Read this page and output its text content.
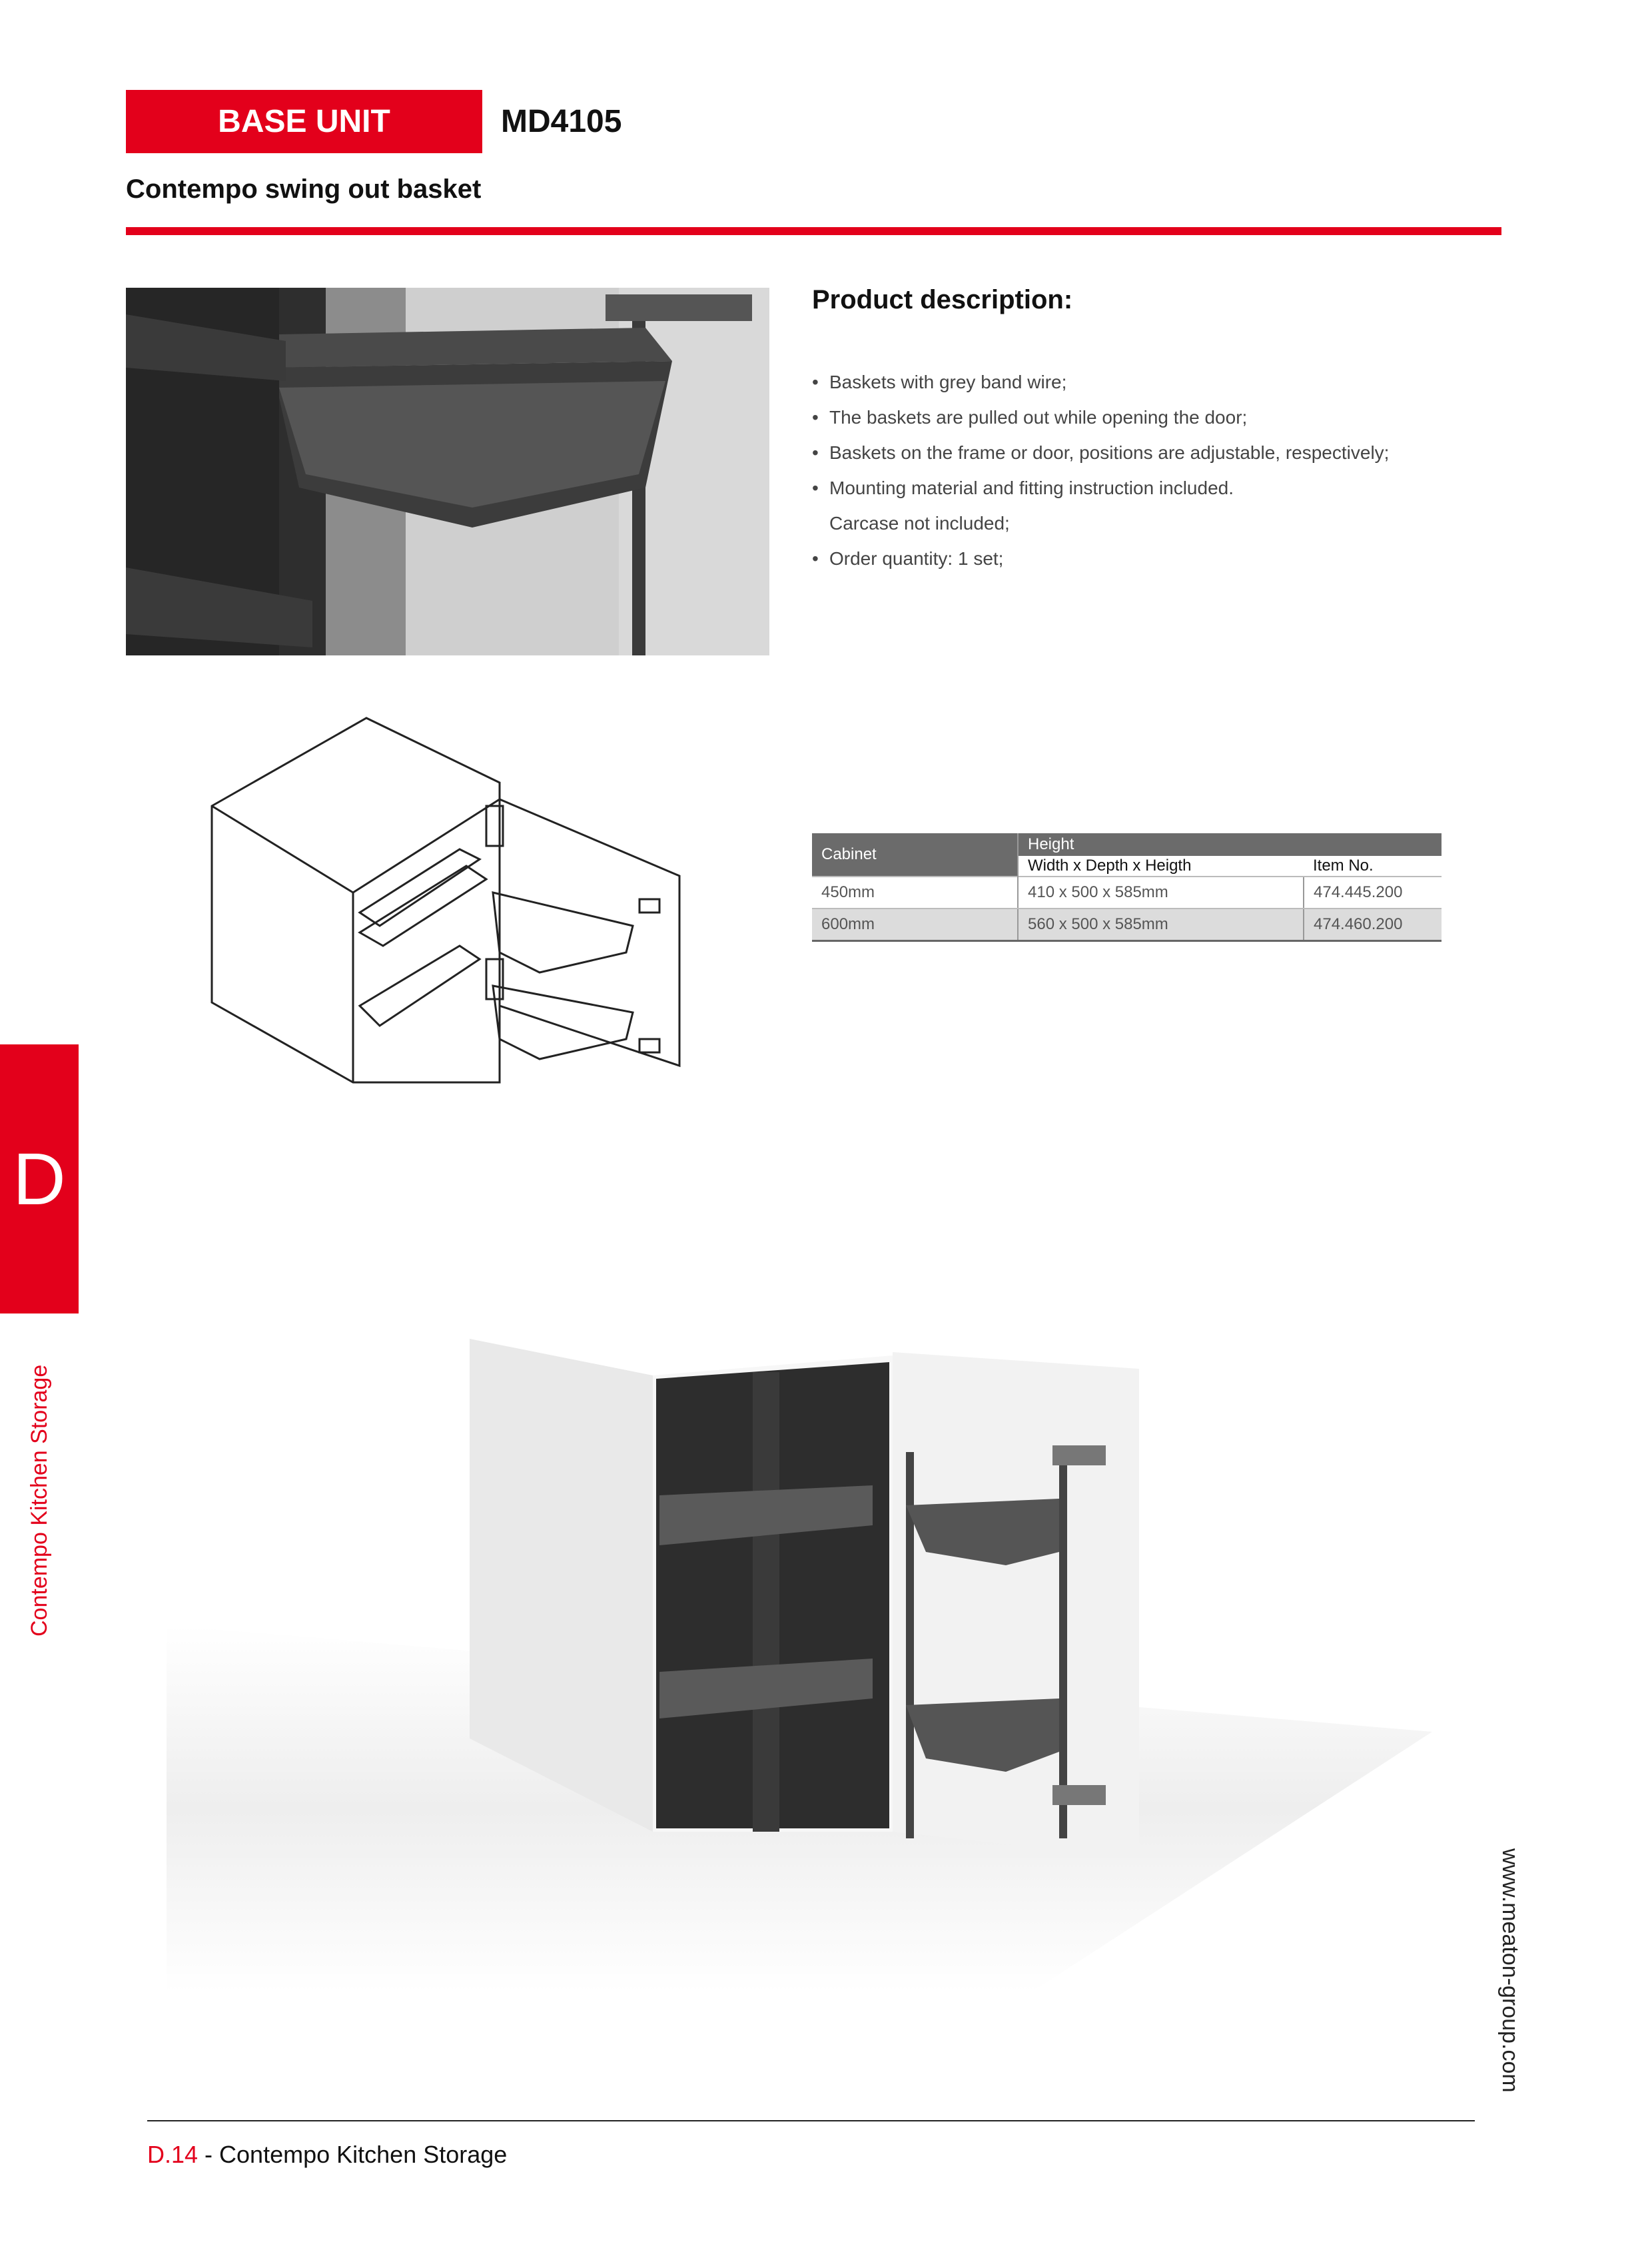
BASE UNIT	MD4105
Contempo swing out basket
Product description:
• Baskets with grey band wire;
• The baskets are pulled out while opening the door;
• Baskets on the frame or door, positions are adjustable, respectively;
• Mounting material and fitting instruction included.
Carcase not included;
• Order quantity: 1 set;
Cabinet	Height	
	Width x Depth x Heigth	Item No.
450mm	410 x 500 x 585mm	474.445.200
600mm	560 x 500 x 585mm	474.460.200
D
Contempo Kitchen Storage
www.meaton-group.com
D.14 - Contempo Kitchen Storage
